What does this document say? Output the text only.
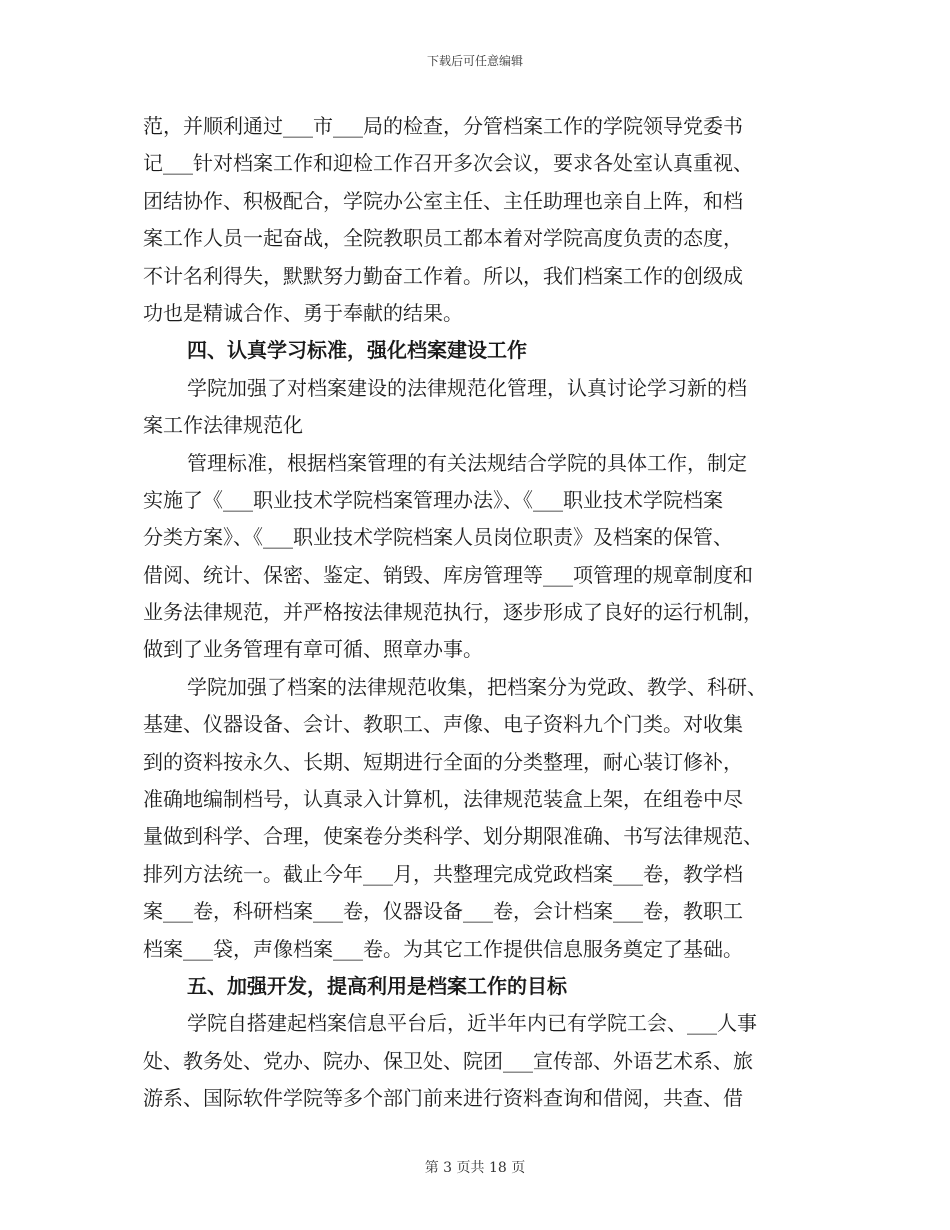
下载后可任意编辑
范，并顺利通过___市___局的检查，分管档案工作的学院领导党委书
记___针对档案工作和迎检工作召开多次会议，要求各处室认真重视、
团结协作、积极配合，学院办公室主任、主任助理也亲自上阵，和档
案工作人员一起奋战，全院教职员工都本着对学院高度负责的态度，
不计名利得失，默默努力勤奋工作着。所以，我们档案工作的创级成
功也是精诚合作、勇于奉献的结果。
四、认真学习标准，强化档案建设工作
学院加强了对档案建设的法律规范化管理，认真讨论学习新的档
案工作法律规范化
管理标准，根据档案管理的有关法规结合学院的具体工作，制定
实施了《___职业技术学院档案管理办法》、《___职业技术学院档案
分类方案》、《___职业技术学院档案人员岗位职责》及档案的保管、
借阅、统计、保密、鉴定、销毁、库房管理等___项管理的规章制度和
业务法律规范，并严格按法律规范执行，逐步形成了良好的运行机制，
做到了业务管理有章可循、照章办事。
学院加强了档案的法律规范收集，把档案分为党政、教学、科研、
基建、仪器设备、会计、教职工、声像、电子资料九个门类。对收集
到的资料按永久、长期、短期进行全面的分类整理，耐心装订修补，
准确地编制档号，认真录入计算机，法律规范装盒上架，在组卷中尽
量做到科学、合理，使案卷分类科学、划分期限准确、书写法律规范、
排列方法统一。截止今年___月，共整理完成党政档案___卷，教学档
案___卷，科研档案___卷，仪器设备___卷，会计档案___卷，教职工
档案___袋，声像档案___卷。为其它工作提供信息服务奠定了基础。
五、加强开发，提高利用是档案工作的目标
学院自搭建起档案信息平台后，近半年内已有学院工会、___人事
处、教务处、党办、院办、保卫处、院团___宣传部、外语艺术系、旅
游系、国际软件学院等多个部门前来进行资料查询和借阅，共查、借
第 3 页共 18 页
